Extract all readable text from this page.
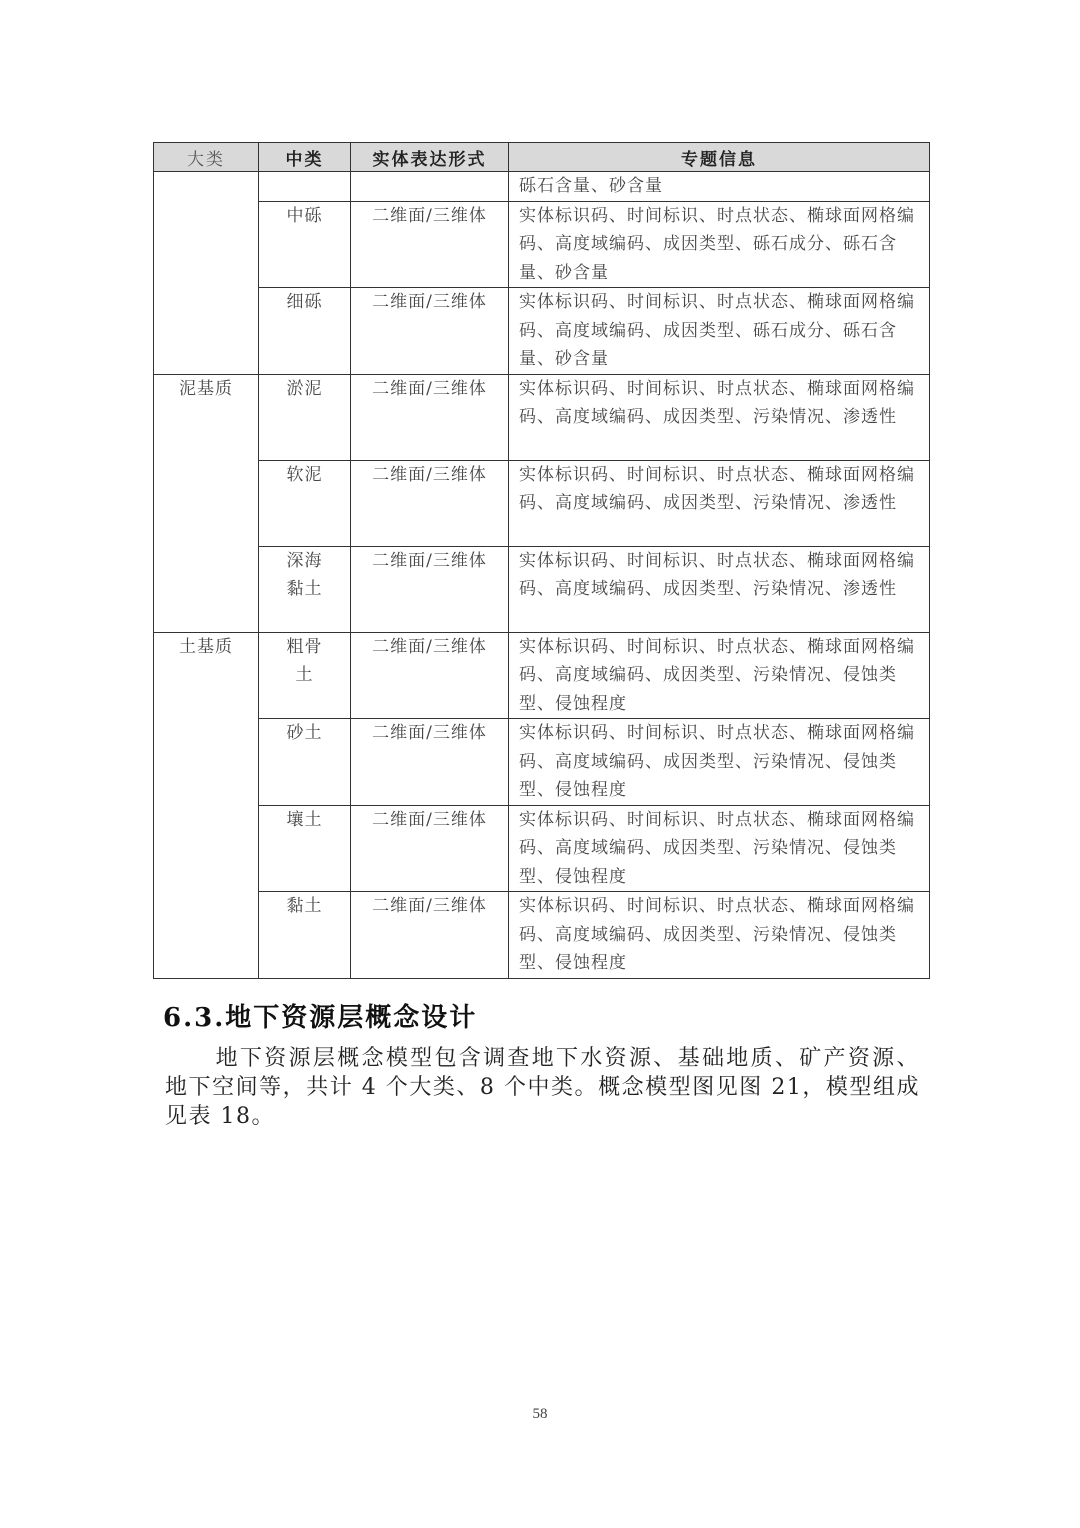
大类	中类	实体表达形式	专题信息
			砾石含量、砂含量
	中砾	二维面/三维体	实体标识码、时间标识、时点状态、椭球面网格编码、高度域编码、成因类型、砾石成分、砾石含量、砂含量
	细砾	二维面/三维体	实体标识码、时间标识、时点状态、椭球面网格编码、高度域编码、成因类型、砾石成分、砾石含量、砂含量
泥基质	淤泥	二维面/三维体	实体标识码、时间标识、时点状态、椭球面网格编码、高度域编码、成因类型、污染情况、渗透性
	软泥	二维面/三维体	实体标识码、时间标识、时点状态、椭球面网格编码、高度域编码、成因类型、污染情况、渗透性
	深海黏土	二维面/三维体	实体标识码、时间标识、时点状态、椭球面网格编码、高度域编码、成因类型、污染情况、渗透性
土基质	粗骨土	二维面/三维体	实体标识码、时间标识、时点状态、椭球面网格编码、高度域编码、成因类型、污染情况、侵蚀类型、侵蚀程度
	砂土	二维面/三维体	实体标识码、时间标识、时点状态、椭球面网格编码、高度域编码、成因类型、污染情况、侵蚀类型、侵蚀程度
	壤土	二维面/三维体	实体标识码、时间标识、时点状态、椭球面网格编码、高度域编码、成因类型、污染情况、侵蚀类型、侵蚀程度
	黏土	二维面/三维体	实体标识码、时间标识、时点状态、椭球面网格编码、高度域编码、成因类型、污染情况、侵蚀类型、侵蚀程度
6.3.地下资源层概念设计

地下资源层概念模型包含调查地下水资源、基础地质、矿产资源、地下空间等，共计 4 个大类、8 个中类。概念模型图见图 21，模型组成见表 18。

58
